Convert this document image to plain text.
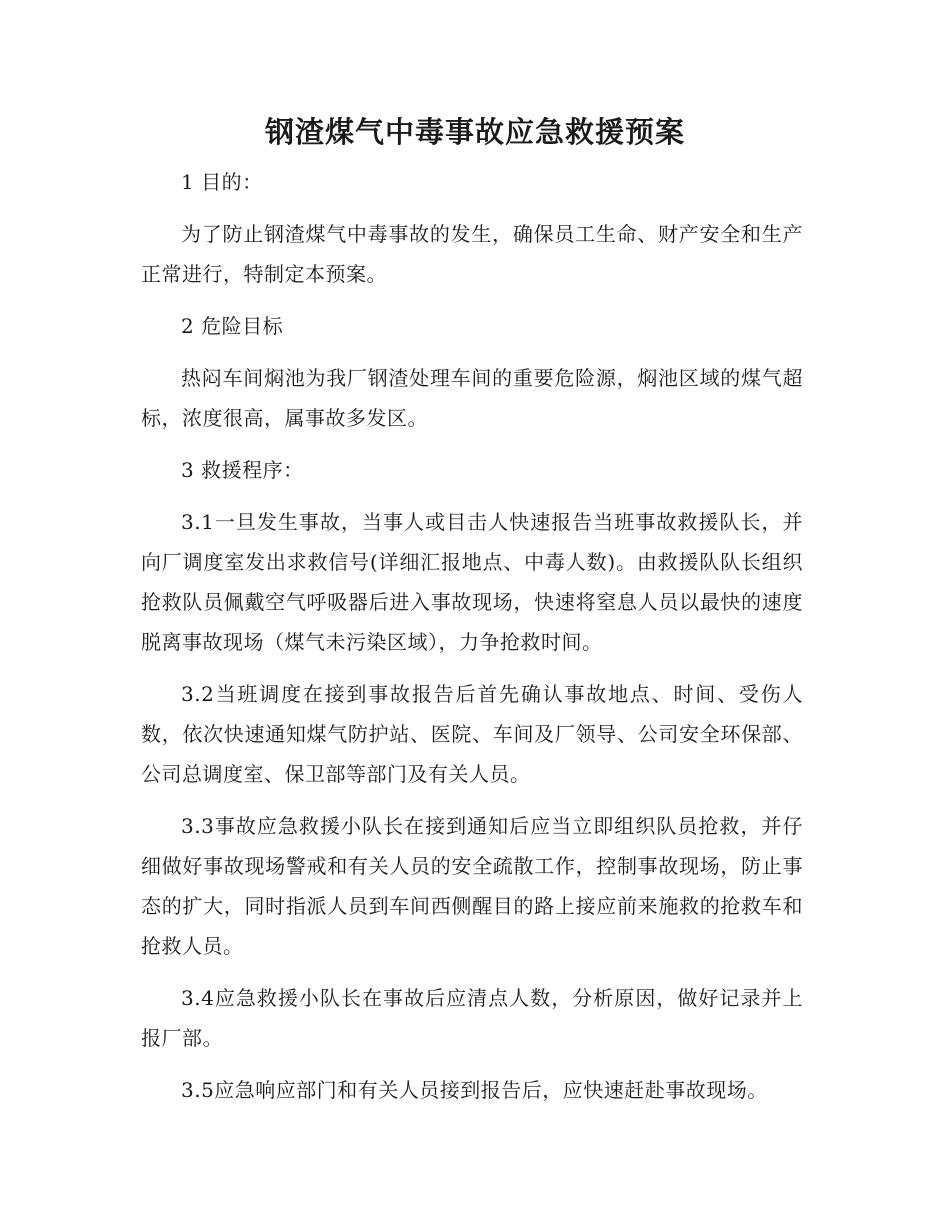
钢渣煤气中毒事故应急救援预案

1 目的：

为了防止钢渣煤气中毒事故的发生，确保员工生命、财产安全和生产正常进行，特制定本预案。

2 危险目标

热闷车间焖池为我厂钢渣处理车间的重要危险源，焖池区域的煤气超标，浓度很高，属事故多发区。

3 救援程序：

3.1一旦发生事故，当事人或目击人快速报告当班事故救援队长，并向厂调度室发出求救信号(详细汇报地点、中毒人数)。由救援队队长组织抢救队员佩戴空气呼吸器后进入事故现场，快速将窒息人员以最快的速度脱离事故现场（煤气未污染区域），力争抢救时间。

3.2当班调度在接到事故报告后首先确认事故地点、时间、受伤人数，依次快速通知煤气防护站、医院、车间及厂领导、公司安全环保部、公司总调度室、保卫部等部门及有关人员。

3.3事故应急救援小队长在接到通知后应当立即组织队员抢救，并仔细做好事故现场警戒和有关人员的安全疏散工作，控制事故现场，防止事态的扩大，同时指派人员到车间西侧醒目的路上接应前来施救的抢救车和抢救人员。

3.4应急救援小队长在事故后应清点人数，分析原因，做好记录并上报厂部。

3.5应急响应部门和有关人员接到报告后，应快速赶赴事故现场。
